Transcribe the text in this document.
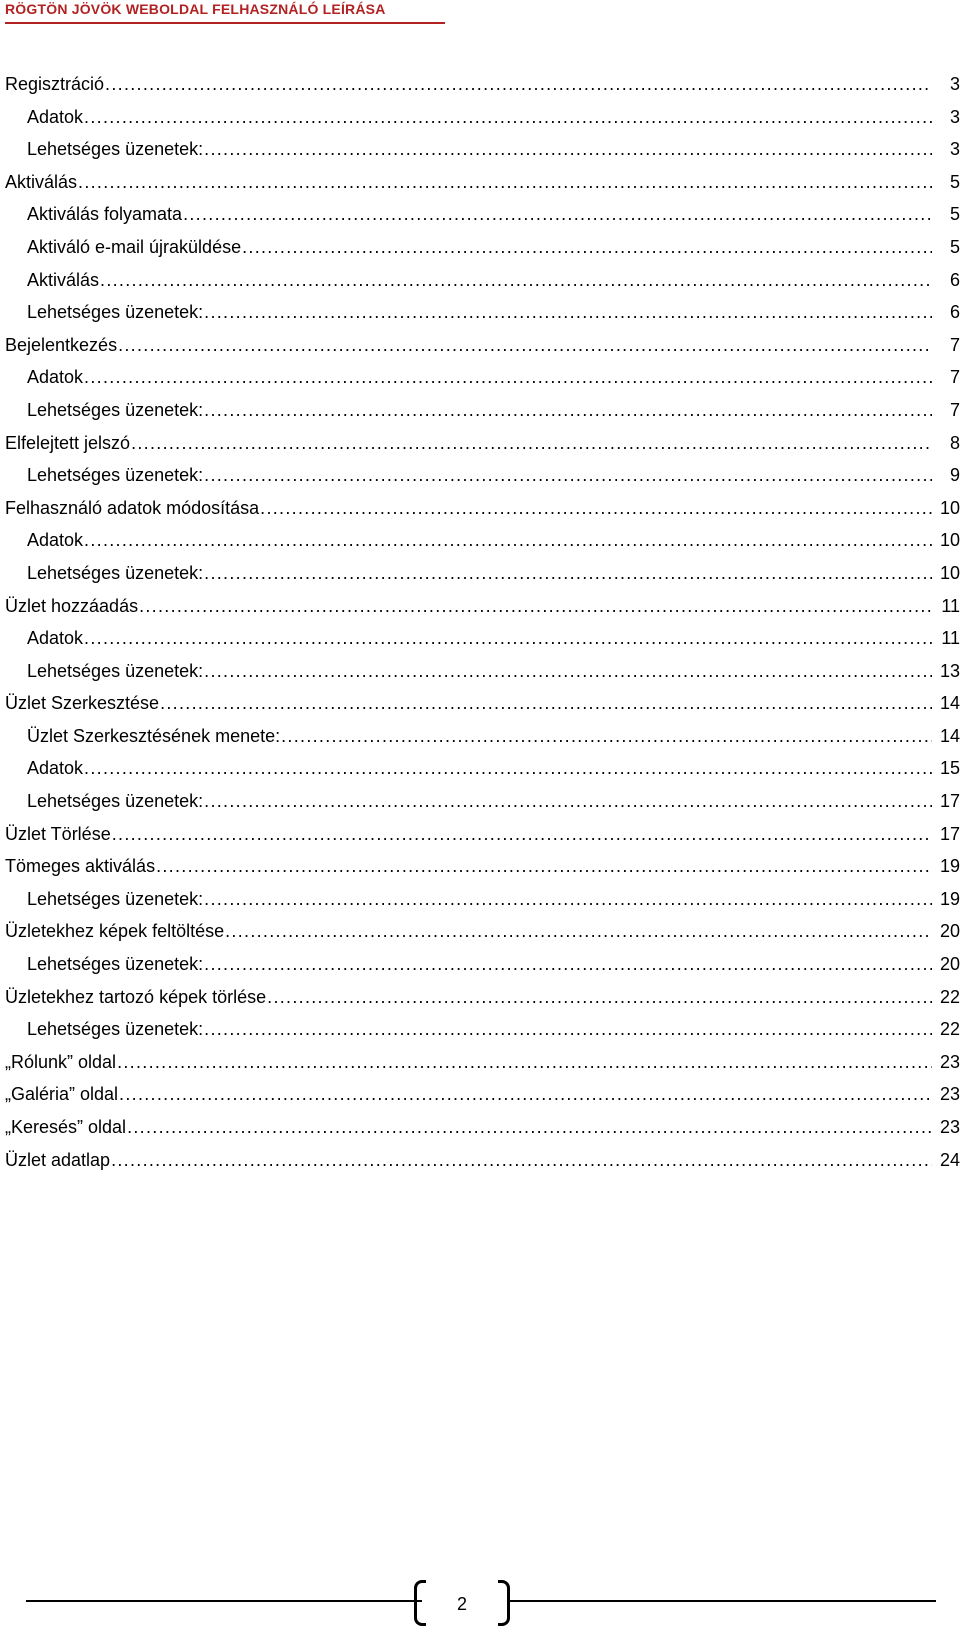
RÖGTÖN JÖVÖK WEBOLDAL FELHASZNÁLÓ LEÍRÁSA
Regisztráció .....	3
Adatok .....	3
Lehetséges üzenetek: .....	3
Aktiválás .....	5
Aktiválás folyamata .....	5
Aktiváló e-mail újraküldése .....	5
Aktiválás .....	6
Lehetséges üzenetek: .....	6
Bejelentkezés .....	7
Adatok .....	7
Lehetséges üzenetek: .....	7
Elfelejtett jelszó .....	8
Lehetséges üzenetek: .....	9
Felhasználó adatok módosítása .....	10
Adatok .....	10
Lehetséges üzenetek: .....	10
Üzlet hozzáadás .....	11
Adatok .....	11
Lehetséges üzenetek: .....	13
Üzlet Szerkesztése .....	14
Üzlet Szerkesztésének menete: .....	14
Adatok .....	15
Lehetséges üzenetek: .....	17
Üzlet Törlése .....	17
Tömeges aktiválás .....	19
Lehetséges üzenetek: .....	19
Üzletekhez képek feltöltése .....	20
Lehetséges üzenetek: .....	20
Üzletekhez tartozó képek törlése .....	22
Lehetséges üzenetek: .....	22
„Rólunk” oldal .....	23
„Galéria” oldal .....	23
„Keresés” oldal .....	23
Üzlet adatlap .....	24
2
